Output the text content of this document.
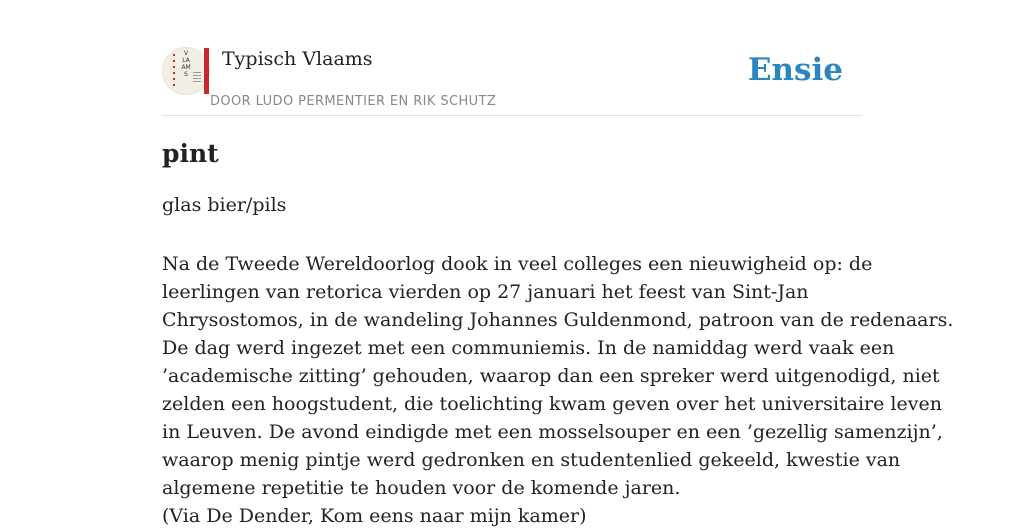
V
LA
AM
S
Typisch Vlaams
DOOR LUDO PERMENTIER EN RIK SCHUTZ
Ensie
pint
glas bier/pils
Na de Tweede Wereldoorlog dook in veel colleges een nieuwigheid op: de
leerlingen van retorica vierden op 27 januari het feest van Sint-Jan
Chrysostomos, in de wandeling Johannes Guldenmond, patroon van de redenaars.
De dag werd ingezet met een communiemis. In de namiddag werd vaak een
’academische zitting’ gehouden, waarop dan een spreker werd uitgenodigd, niet
zelden een hoogstudent, die toelichting kwam geven over het universitaire leven
in Leuven. De avond eindigde met een mosselsouper en een ’gezellig samenzijn’,
waarop menig pintje werd gedronken en studentenlied gekeeld, kwestie van
algemene repetitie te houden voor de komende jaren.
(Via De Dender, Kom eens naar mijn kamer)
